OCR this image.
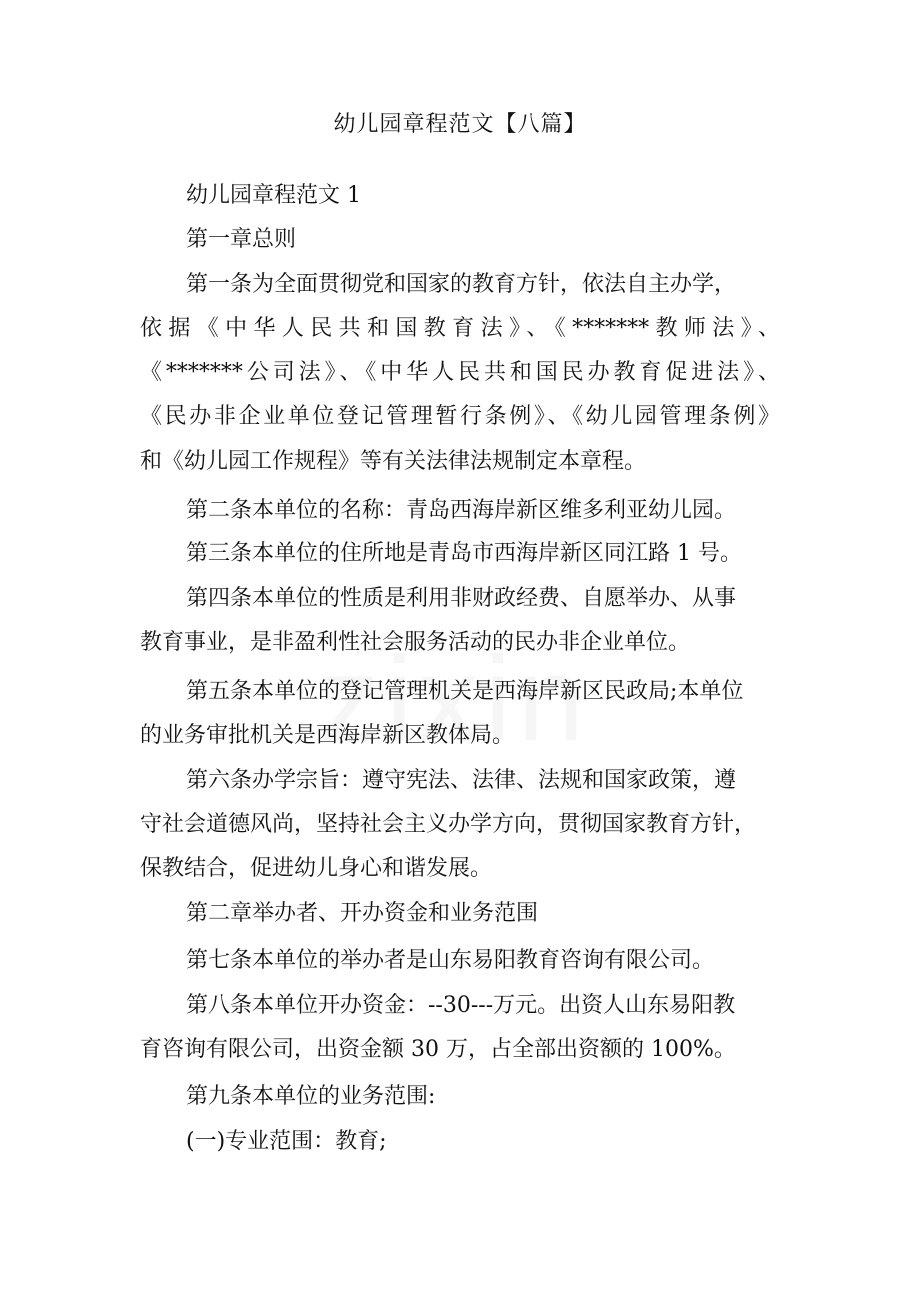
幼儿园章程范文【八篇】
幼儿园章程范文 1
第一章总则
第一条为全面贯彻党和国家的教育方针，依法自主办学，
依据《中华人民共和国教育法》、《*******教师法》、
《*******公司法》、《中华人民共和国民办教育促进法》、
《民办非企业单位登记管理暂行条例》、《幼儿园管理条例》
和《幼儿园工作规程》等有关法律法规制定本章程。
第二条本单位的名称：青岛西海岸新区维多利亚幼儿园。
第三条本单位的住所地是青岛市西海岸新区同江路 1 号。
第四条本单位的性质是利用非财政经费、自愿举办、从事
教育事业，是非盈利性社会服务活动的民办非企业单位。
第五条本单位的登记管理机关是西海岸新区民政局;本单位
的业务审批机关是西海岸新区教体局。
第六条办学宗旨：遵守宪法、法律、法规和国家政策，遵
守社会道德风尚，坚持社会主义办学方向，贯彻国家教育方针，
保教结合，促进幼儿身心和谐发展。
第二章举办者、开办资金和业务范围
第七条本单位的举办者是山东易阳教育咨询有限公司。
第八条本单位开办资金：--30---万元。出资人山东易阳教
育咨询有限公司，出资金额 30 万，占全部出资额的 100%。
第九条本单位的业务范围:
(一)专业范围：教育;
